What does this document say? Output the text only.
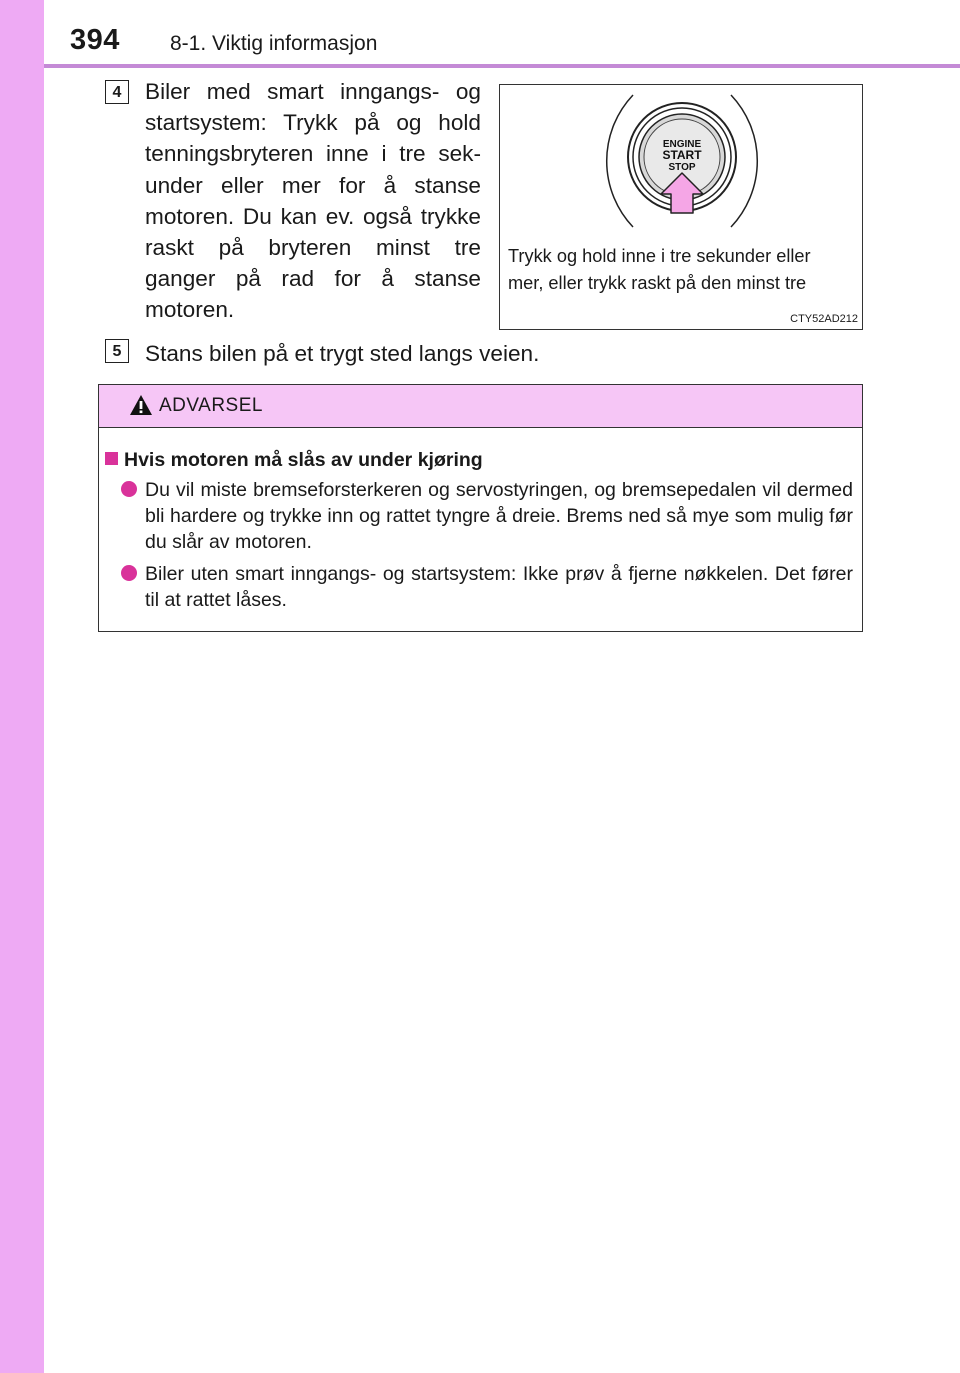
394 8-1. Viktig informasjon
4	Biler med smart inngangs- og startsystem: Trykk på og hold tenningsbryteren inne i tre sek- under eller mer for å stanse motoren. Du kan ev. også trykke raskt på bryteren minst tre ganger på rad for å stanse motoren.
ENGINE
START
STOP
Trykk og hold inne i tre sekunder eller
mer, eller trykk raskt på den minst tre
CTY52AD212
5	Stans bilen på et trygt sted langs veien.
ADVARSEL
Hvis motoren må slås av under kjøring
Du vil miste bremseforsterkeren og servostyringen, og bremsepedalen vil dermed bli hardere og trykke inn og rattet tyngre å dreie. Brems ned så mye som mulig før du slår av motoren.
Biler uten smart inngangs- og startsystem: Ikke prøv å fjerne nøkkelen. Det fører til at rattet låses.
